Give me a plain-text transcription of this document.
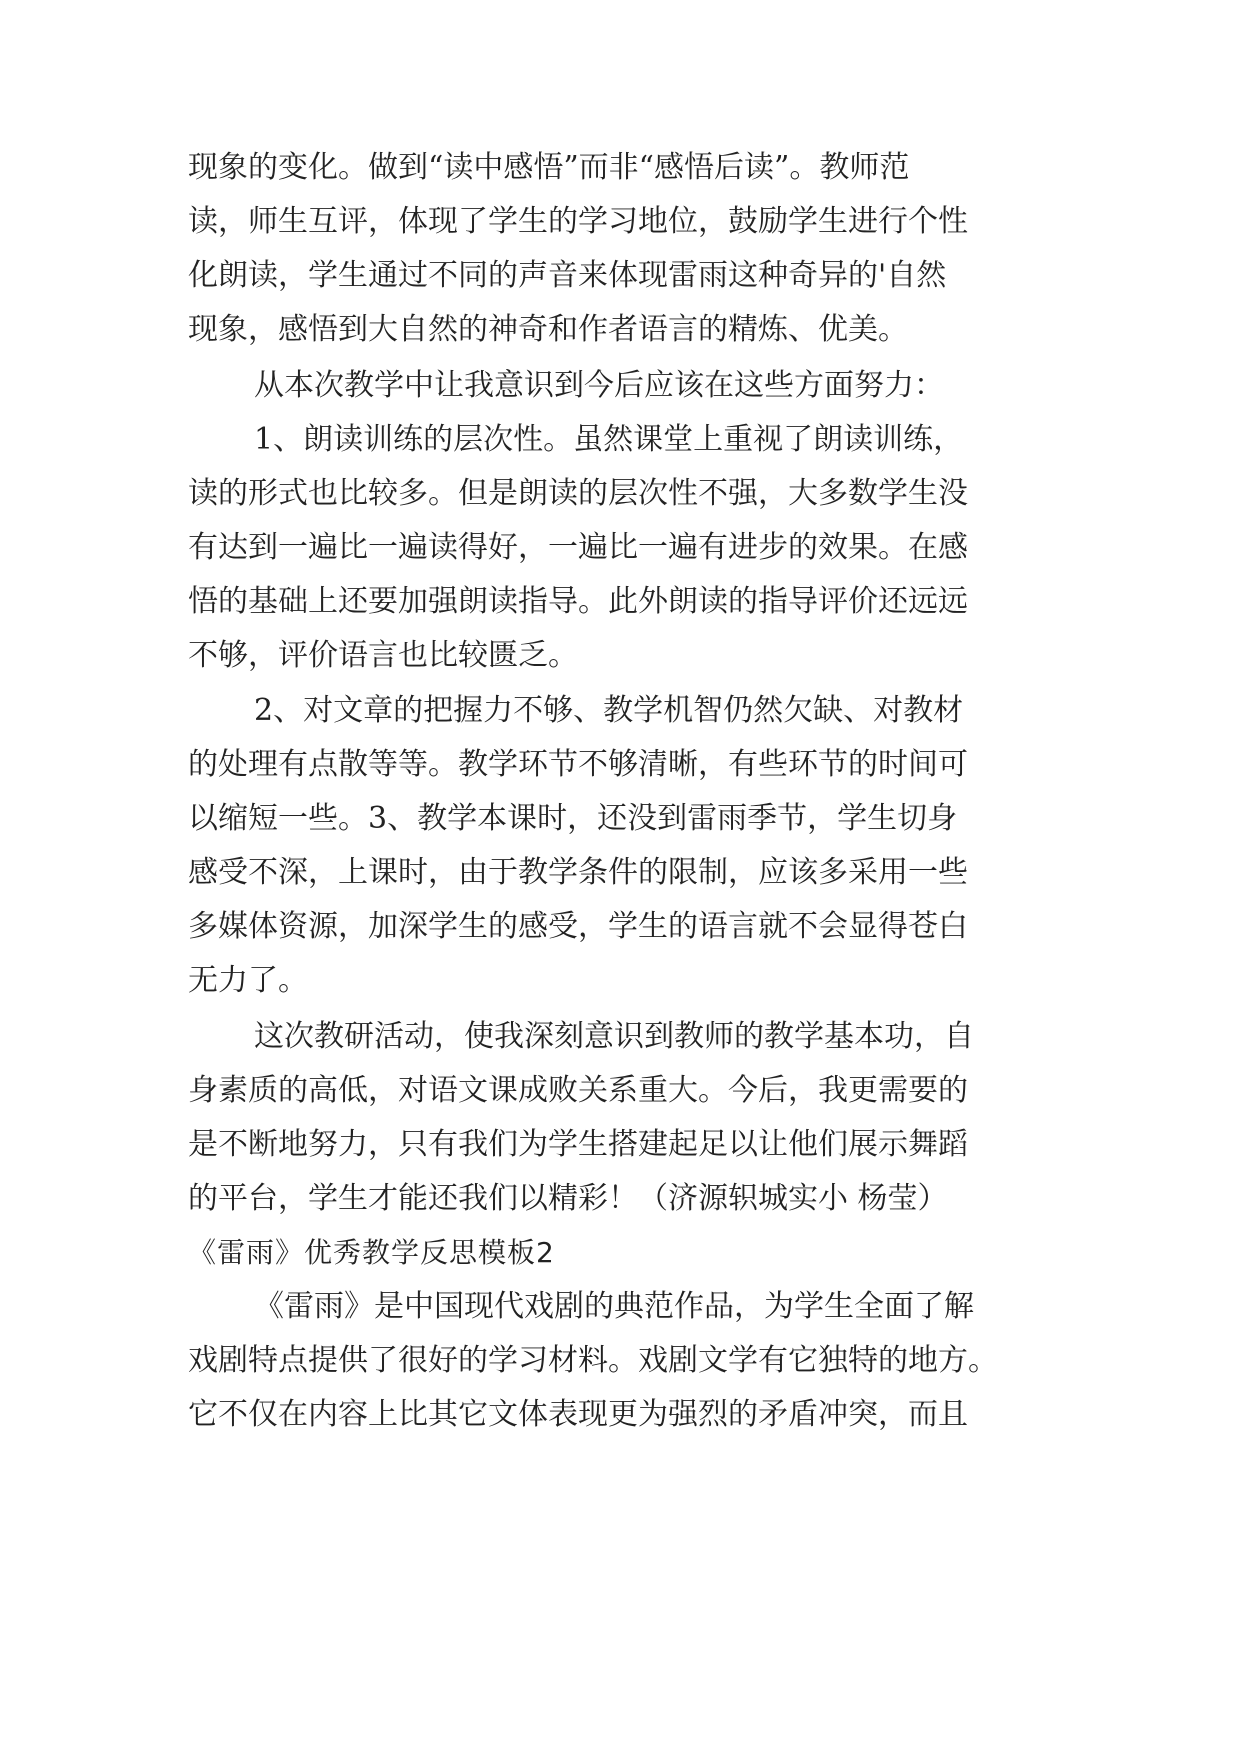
现象的变化。做到“读中感悟”而非“感悟后读”。教师范
读，师生互评，体现了学生的学习地位，鼓励学生进行个性
化朗读，学生通过不同的声音来体现雷雨这种奇异的'自然
现象，感悟到大自然的神奇和作者语言的精炼、优美。
从本次教学中让我意识到今后应该在这些方面努力：
1、朗读训练的层次性。虽然课堂上重视了朗读训练，
读的形式也比较多。但是朗读的层次性不强，大多数学生没
有达到一遍比一遍读得好，一遍比一遍有进步的效果。在感
悟的基础上还要加强朗读指导。此外朗读的指导评价还远远
不够，评价语言也比较匮乏。
2、对文章的把握力不够、教学机智仍然欠缺、对教材
的处理有点散等等。教学环节不够清晰，有些环节的时间可
以缩短一些。3、教学本课时，还没到雷雨季节，学生切身
感受不深，上课时，由于教学条件的限制，应该多采用一些
多媒体资源，加深学生的感受，学生的语言就不会显得苍白
无力了。
这次教研活动，使我深刻意识到教师的教学基本功，自
身素质的高低，对语文课成败关系重大。今后，我更需要的
是不断地努力，只有我们为学生搭建起足以让他们展示舞蹈
的平台，学生才能还我们以精彩！（济源轵城实小 杨莹）
《雷雨》优秀教学反思模板2
《雷雨》是中国现代戏剧的典范作品，为学生全面了解
戏剧特点提供了很好的学习材料。戏剧文学有它独特的地方。
它不仅在内容上比其它文体表现更为强烈的矛盾冲突，而且
